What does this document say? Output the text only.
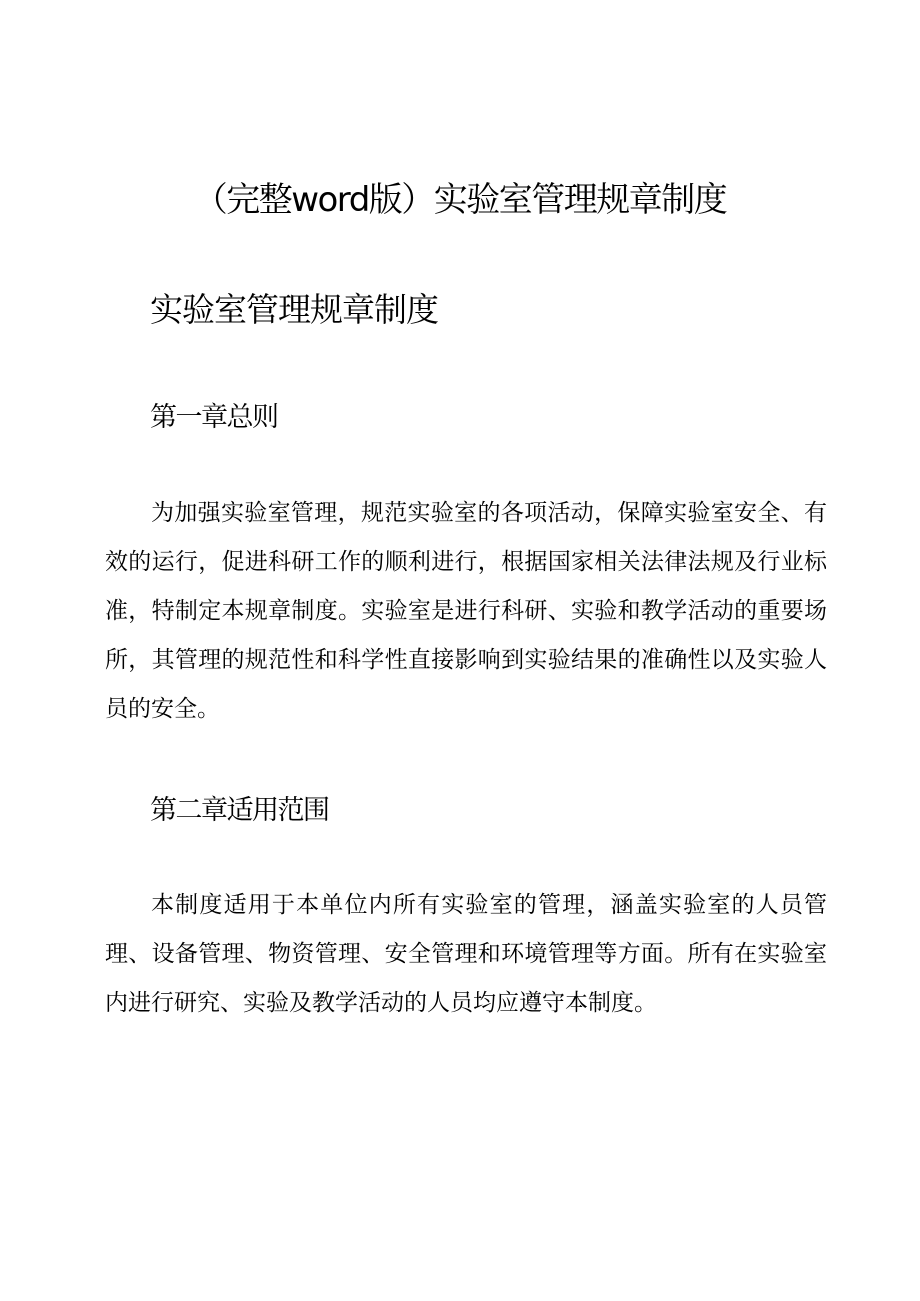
（完整word版）实验室管理规章制度
实验室管理规章制度
第一章总则

为加强实验室管理，规范实验室的各项活动，保障实验室安全、有效的运行，促进科研工作的顺利进行，根据国家相关法律法规及行业标准，特制定本规章制度。实验室是进行科研、实验和教学活动的重要场所，其管理的规范性和科学性直接影响到实验结果的准确性以及实验人员的安全。

第二章适用范围

本制度适用于本单位内所有实验室的管理，涵盖实验室的人员管理、设备管理、物资管理、安全管理和环境管理等方面。所有在实验室内进行研究、实验及教学活动的人员均应遵守本制度。
